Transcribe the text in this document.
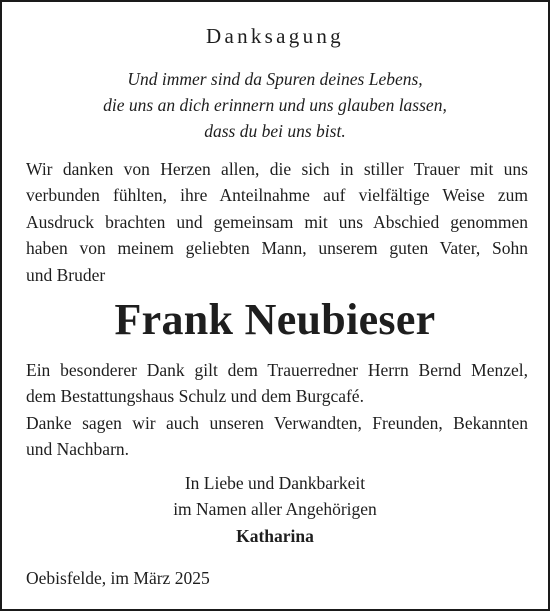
Danksagung
Und immer sind da Spuren deines Lebens,
die uns an dich erinnern und uns glauben lassen,
dass du bei uns bist.
Wir danken von Herzen allen, die sich in stiller Trauer mit uns
verbunden fühlten, ihre Anteilnahme auf vielfältige Weise zum
Ausdruck brachten und gemeinsam mit uns Abschied genommen
haben von meinem geliebten Mann, unserem guten Vater, Sohn
und Bruder
Frank Neubieser
Ein besonderer Dank gilt dem Trauerredner Herrn Bernd Menzel,
dem Bestattungshaus Schulz und dem Burgcafé.
Danke sagen wir auch unseren Verwandten, Freunden, Bekannten
und Nachbarn.
In Liebe und Dankbarkeit
im Namen aller Angehörigen
Katharina
Oebisfelde, im März 2025
